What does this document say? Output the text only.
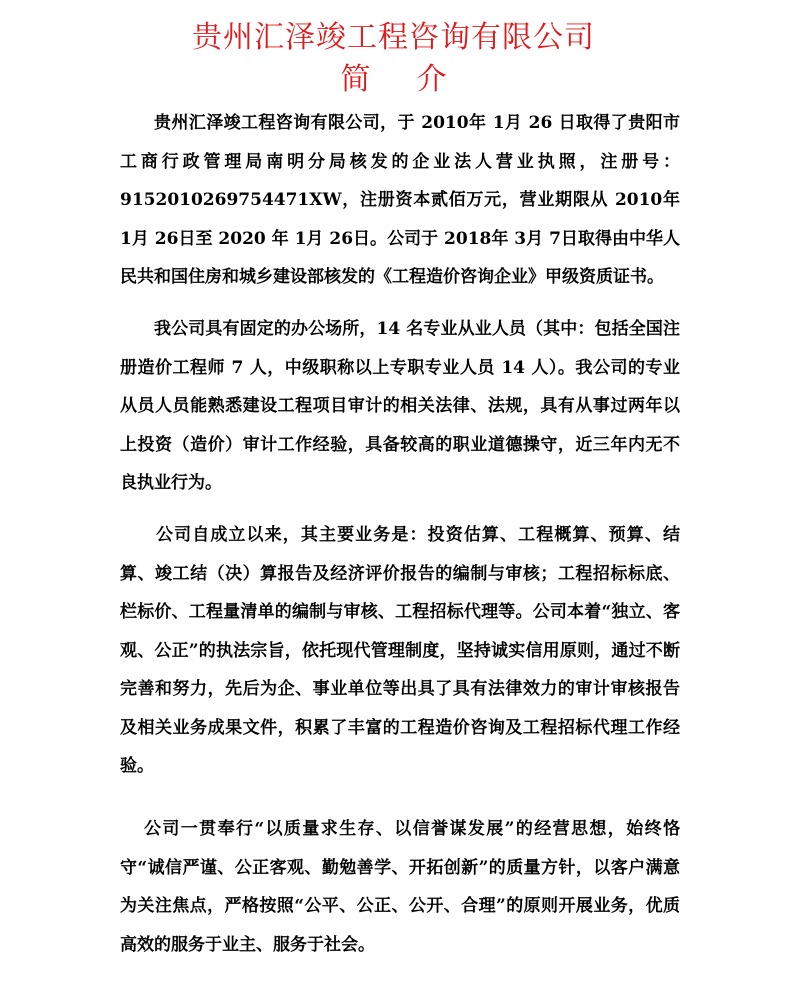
贵州汇泽竣工程咨询有限公司
简 介

贵州汇泽竣工程咨询有限公司，于 2010年 1月 26 日取得了贵阳市工商行政管理局南明分局核发的企业法人营业执照，注册号：9152010269754471XW，注册资本贰佰万元，营业期限从 2010年 1月 26日至 2020 年 1月 26日。公司于 2018年 3月 7日取得由中华人民共和国住房和城乡建设部核发的《工程造价咨询企业》甲级资质证书。

我公司具有固定的办公场所，14 名专业从业人员（其中：包括全国注册造价工程师 7 人，中级职称以上专职专业人员 14 人）。我公司的专业从员人员能熟悉建设工程项目审计的相关法律、法规，具有从事过两年以上投资（造价）审计工作经验，具备较高的职业道德操守，近三年内无不良执业行为。

公司自成立以来，其主要业务是：投资估算、工程概算、预算、结算、竣工结（决）算报告及经济评价报告的编制与审核；工程招标标底、栏标价、工程量清单的编制与审核、工程招标代理等。公司本着“独立、客观、公正”的执法宗旨，依托现代管理制度，坚持诚实信用原则，通过不断完善和努力，先后为企、事业单位等出具了具有法律效力的审计审核报告及相关业务成果文件，积累了丰富的工程造价咨询及工程招标代理工作经验。

公司一贯奉行“以质量求生存、以信誉谋发展”的经营思想，始终恪守“诚信严谨、公正客观、勤勉善学、开拓创新”的质量方针，以客户满意为关注焦点，严格按照“公平、公正、公开、合理”的原则开展业务，优质高效的服务于业主、服务于社会。
